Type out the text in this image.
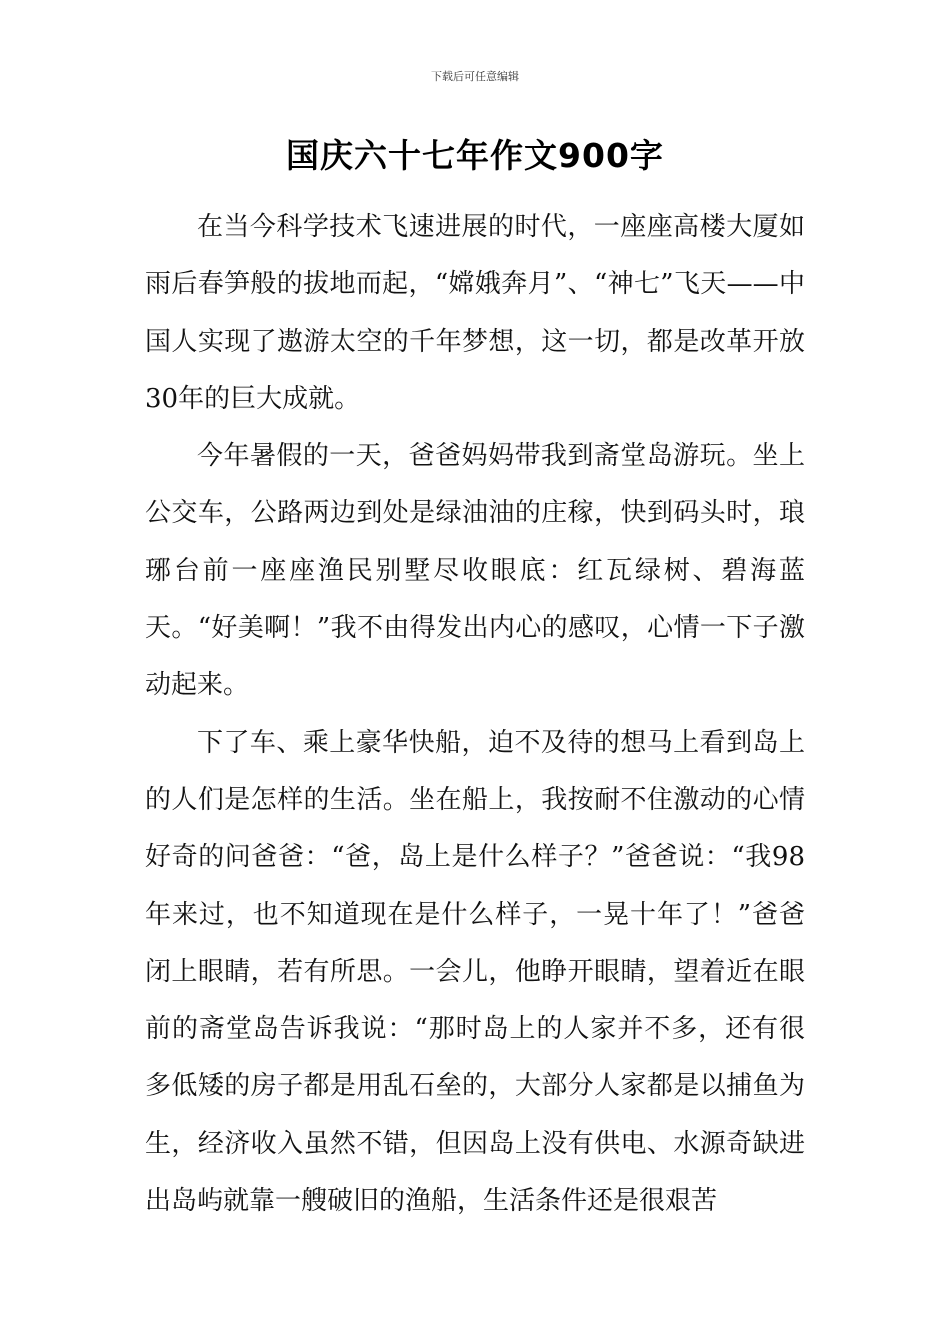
下载后可任意编辑
国庆六十七年作文900字

在当今科学技术飞速进展的时代，一座座高楼大厦如雨后春笋般的拔地而起，“嫦娥奔月”、“神七”飞天——中国人实现了遨游太空的千年梦想，这一切，都是改革开放30年的巨大成就。

今年暑假的一天，爸爸妈妈带我到斋堂岛游玩。坐上公交车，公路两边到处是绿油油的庄稼，快到码头时，琅琊台前一座座渔民别墅尽收眼底：红瓦绿树、碧海蓝天。“好美啊！”我不由得发出内心的感叹，心情一下子激动起来。

下了车、乘上豪华快船，迫不及待的想马上看到岛上的人们是怎样的生活。坐在船上，我按耐不住激动的心情好奇的问爸爸：“爸，岛上是什么样子？”爸爸说：“我98年来过，也不知道现在是什么样子，一晃十年了！”爸爸闭上眼睛，若有所思。一会儿，他睁开眼睛，望着近在眼前的斋堂岛告诉我说：“那时岛上的人家并不多，还有很多低矮的房子都是用乱石垒的，大部分人家都是以捕鱼为生，经济收入虽然不错，但因岛上没有供电、水源奇缺进出岛屿就靠一艘破旧的渔船，生活条件还是很艰苦
